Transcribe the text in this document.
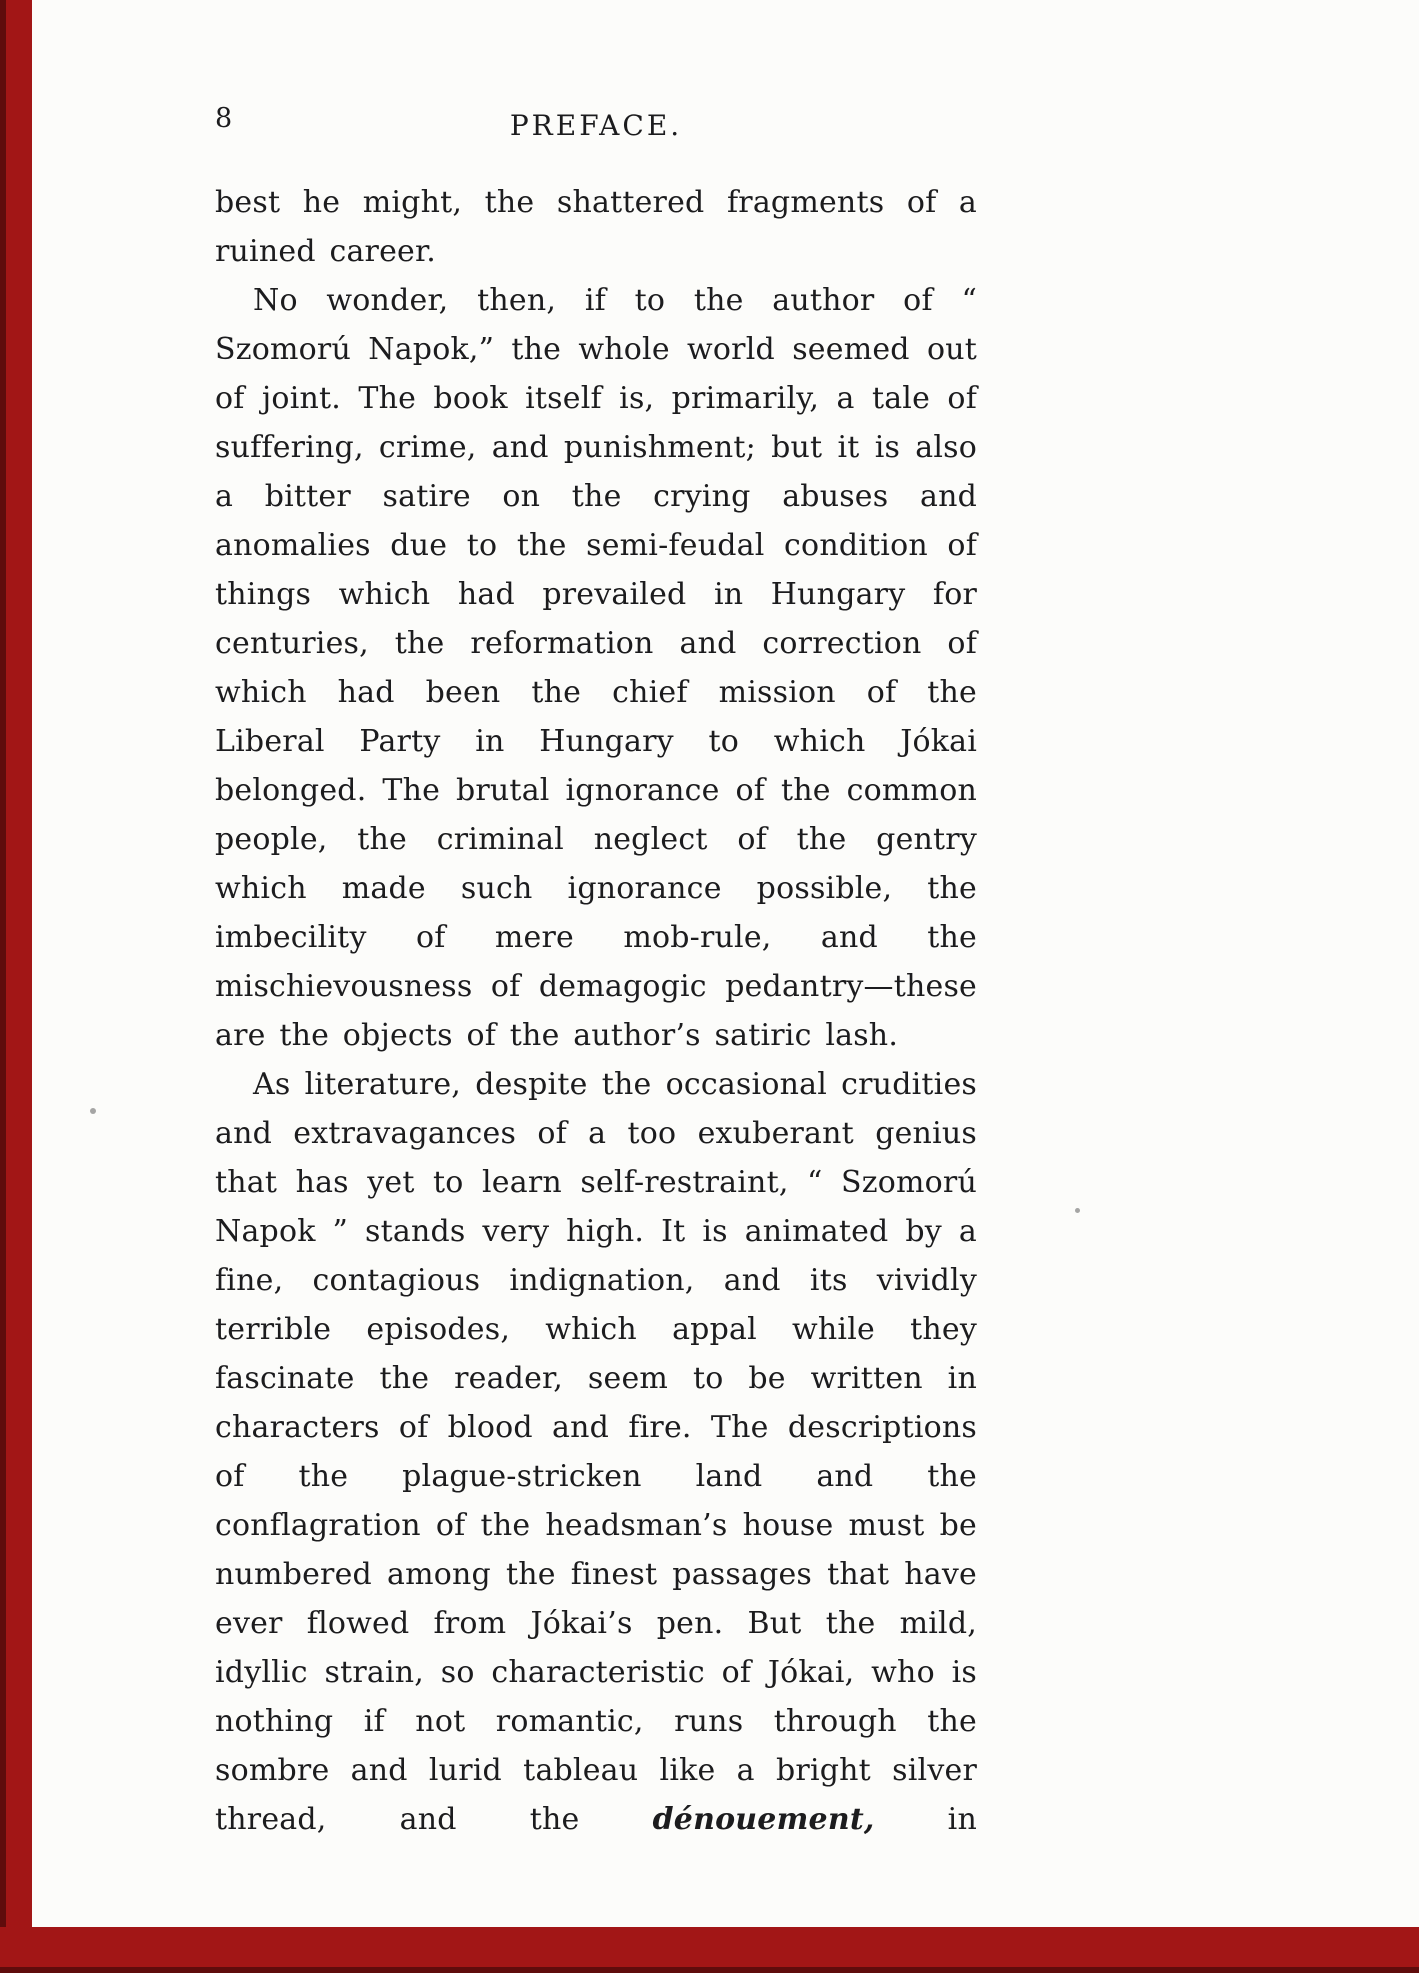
8	PREFACE.

best he might, the shattered fragments of a ruined career.

No wonder, then, if to the author of “ Szomorú Napok,” the whole world seemed out of joint. The book itself is, primarily, a tale of suffering, crime, and punishment; but it is also a bitter satire on the crying abuses and anomalies due to the semi-feudal condition of things which had prevailed in Hungary for centuries, the reformation and correction of which had been the chief mission of the Liberal Party in Hungary to which Jókai belonged. The brutal ignorance of the common people, the criminal neglect of the gentry which made such ignorance possible, the imbecility of mere mob-rule, and the mischievousness of demagogic pedantry—these are the objects of the author’s satiric lash.

As literature, despite the occasional crudities and extravagances of a too exuberant genius that has yet to learn self-restraint, “ Szomorú Napok ” stands very high. It is animated by a fine, contagious indignation, and its vividly terrible episodes, which appal while they fascinate the reader, seem to be written in characters of blood and fire. The descriptions of the plague-stricken land and the conflagration of the headsman’s house must be numbered among the finest passages that have ever flowed from Jókai’s pen. But the mild, idyllic strain, so characteristic of Jókai, who is nothing if not romantic, runs through the sombre and lurid tableau like a bright silver thread, and the dénouement, in
